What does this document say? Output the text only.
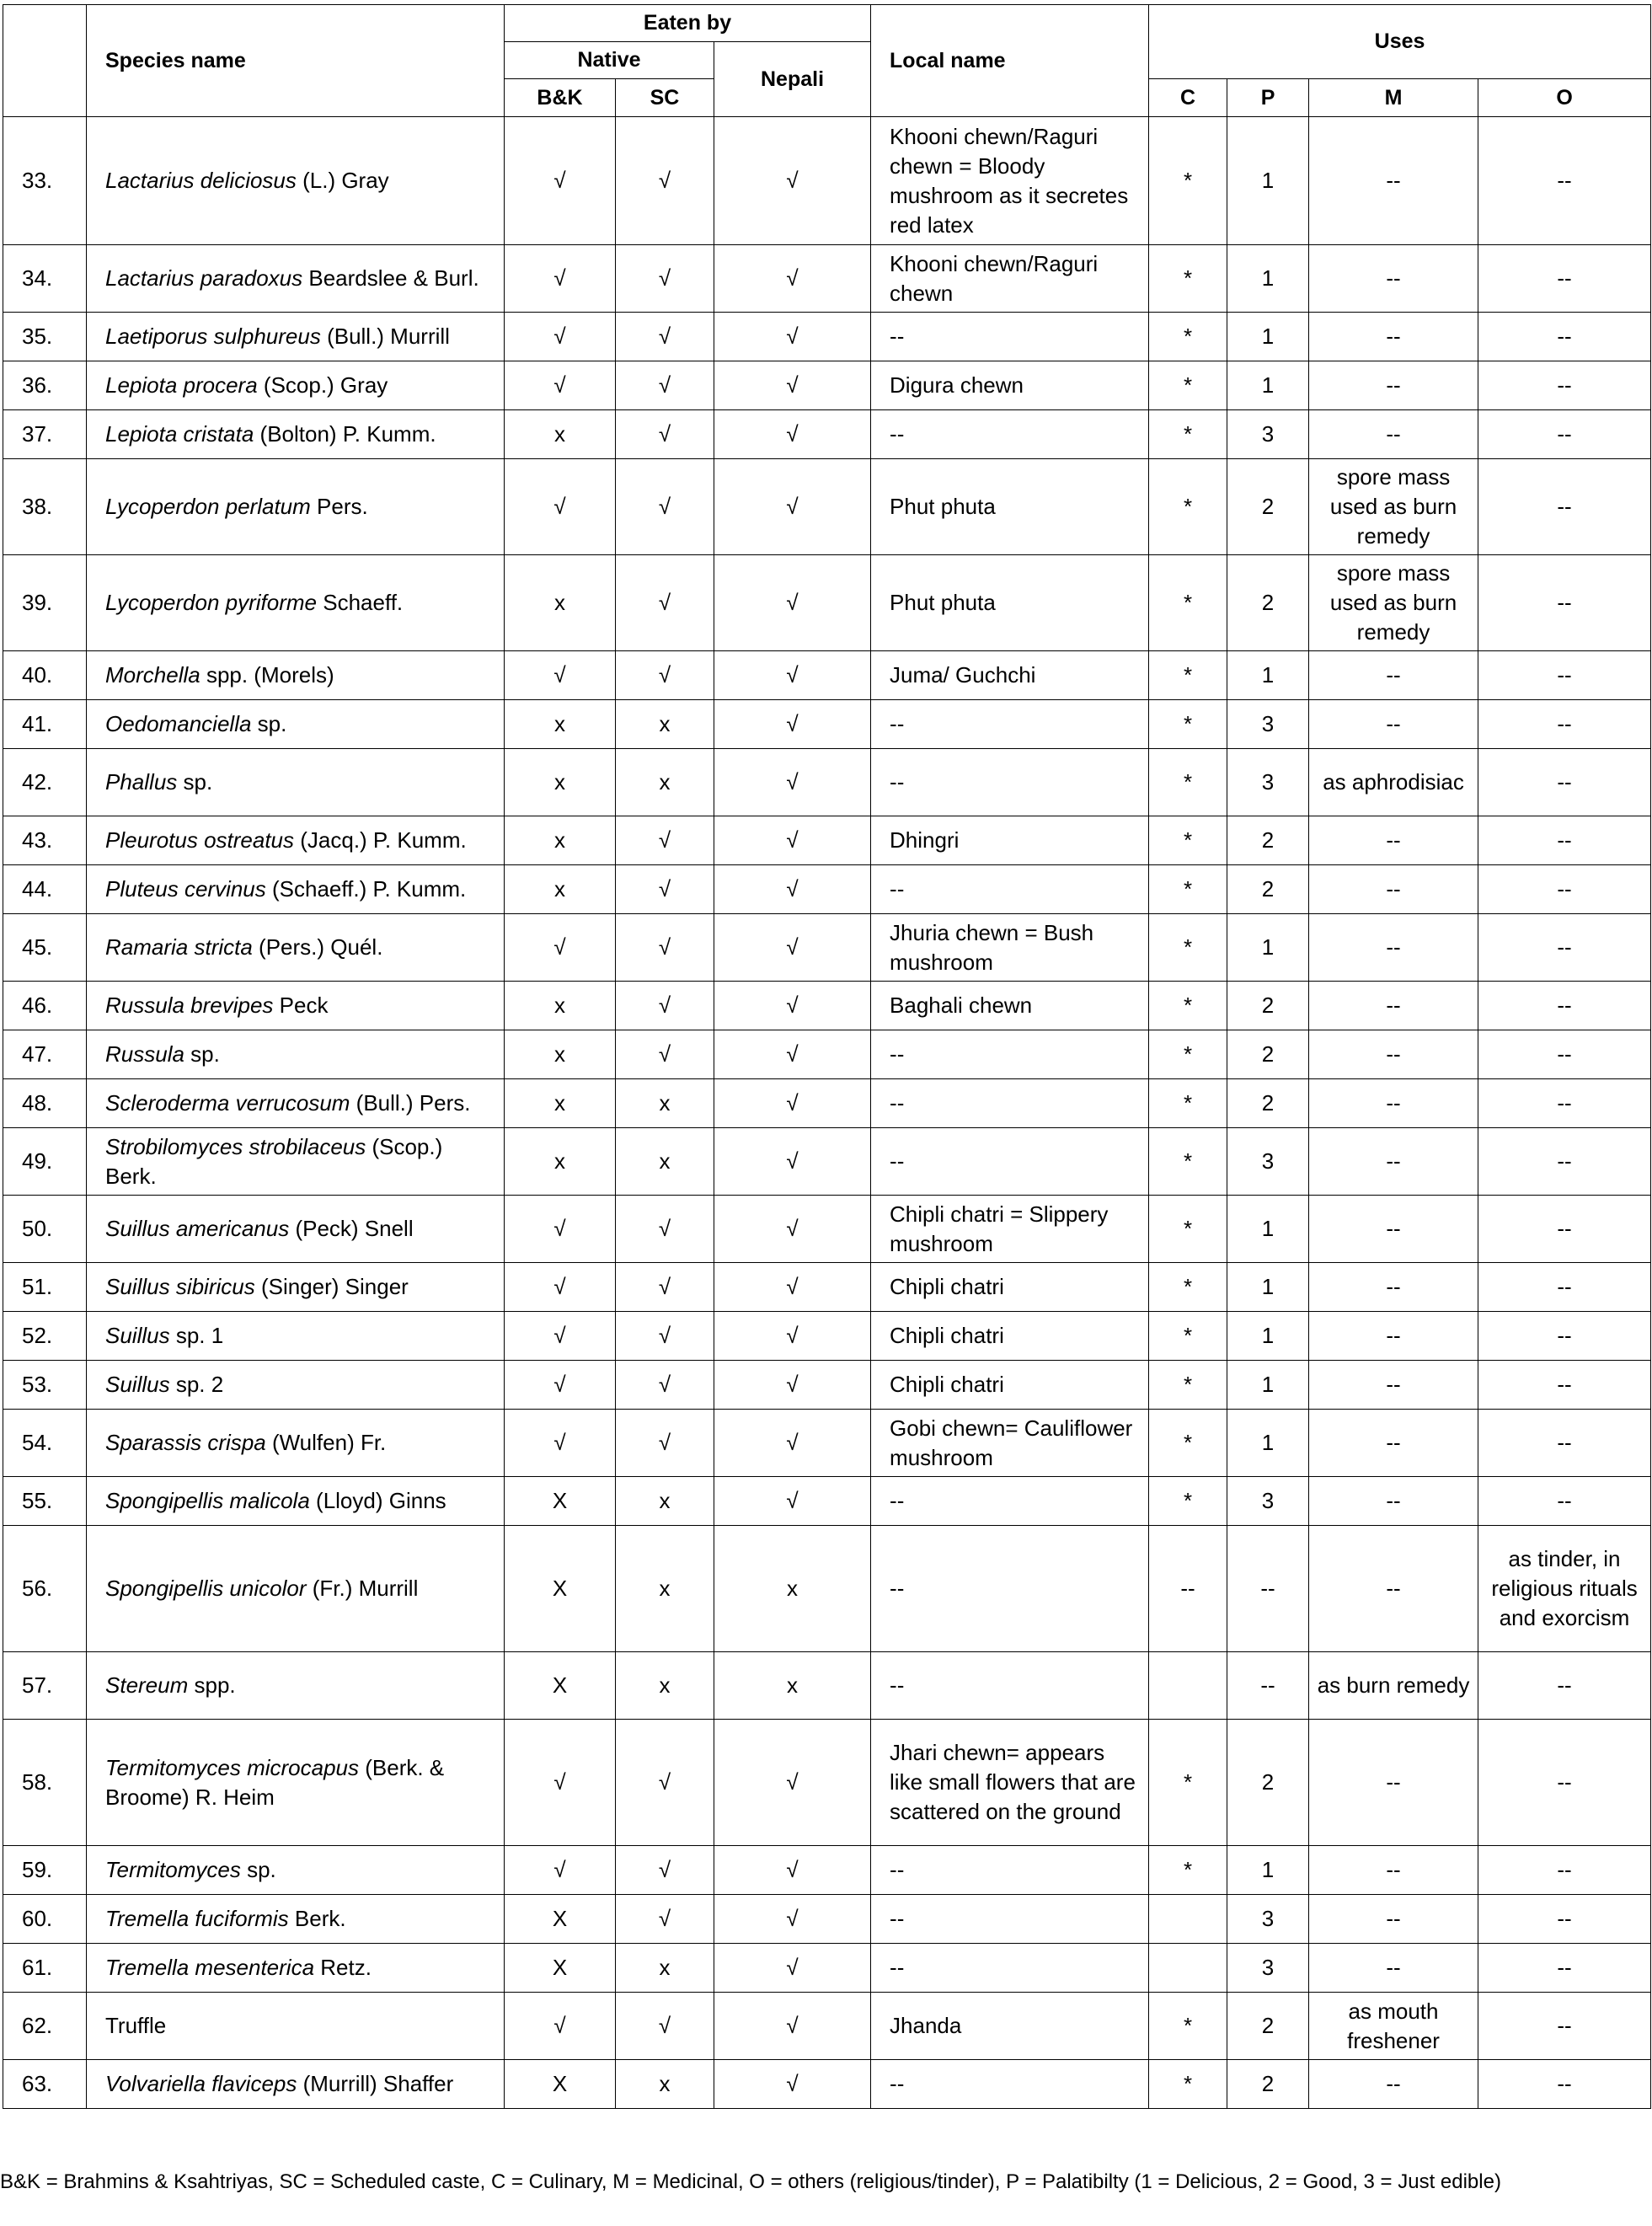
	Species name	Eaten by			Local name	Uses			
		Native		Nepali					
		B&K	SC			C	P	M	O
33.	Lactarius deliciosus (L.) Gray	√	√	√	Khooni chewn/Raguri chewn = Bloody mushroom as it secretes red latex	*	1	--	--
34.	Lactarius paradoxus Beardslee & Burl.	√	√	√	Khooni chewn/Raguri chewn	*	1	--	--
35.	Laetiporus sulphureus (Bull.) Murrill	√	√	√	--	*	1	--	--
36.	Lepiota procera (Scop.) Gray	√	√	√	Digura chewn	*	1	--	--
37.	Lepiota cristata (Bolton) P. Kumm.	x	√	√	--	*	3	--	--
38.	Lycoperdon perlatum Pers.	√	√	√	Phut phuta	*	2	spore mass used as burn remedy	--
39.	Lycoperdon pyriforme Schaeff.	x	√	√	Phut phuta	*	2	spore mass used as burn remedy	--
40.	Morchella spp. (Morels)	√	√	√	Juma/ Guchchi	*	1	--	--
41.	Oedomanciella sp.	x	x	√	--	*	3	--	--
42.	Phallus sp.	x	x	√	--	*	3	as aphrodisiac	--
43.	Pleurotus ostreatus (Jacq.) P. Kumm.	x	√	√	Dhingri	*	2	--	--
44.	Pluteus cervinus (Schaeff.) P. Kumm.	x	√	√	--	*	2	--	--
45.	Ramaria stricta (Pers.) Quél.	√	√	√	Jhuria chewn = Bush mushroom	*	1	--	--
46.	Russula brevipes Peck	x	√	√	Baghali chewn	*	2	--	--
47.	Russula sp.	x	√	√	--	*	2	--	--
48.	Scleroderma verrucosum (Bull.) Pers.	x	x	√	--	*	2	--	--
49.	Strobilomyces strobilaceus (Scop.) Berk.	x	x	√	--	*	3	--	--
50.	Suillus americanus (Peck) Snell	√	√	√	Chipli chatri = Slippery mushroom	*	1	--	--
51.	Suillus sibiricus (Singer) Singer	√	√	√	Chipli chatri	*	1	--	--
52.	Suillus sp. 1	√	√	√	Chipli chatri	*	1	--	--
53.	Suillus sp. 2	√	√	√	Chipli chatri	*	1	--	--
54.	Sparassis crispa (Wulfen) Fr.	√	√	√	Gobi chewn= Cauliflower mushroom	*	1	--	--
55.	Spongipellis malicola (Lloyd) Ginns	X	x	√	--	*	3	--	--
56.	Spongipellis unicolor (Fr.) Murrill	X	x	x	--	--	--	--	as tinder, in religious rituals and exorcism
57.	Stereum spp.	X	x	x	--		--	as burn remedy	--
58.	Termitomyces microcapus (Berk. & Broome) R. Heim	√	√	√	Jhari chewn= appears like small flowers that are scattered on the ground	*	2	--	--
59.	Termitomyces sp.	√	√	√	--	*	1	--	--
60.	Tremella fuciformis Berk.	X	√	√	--		3	--	--
61.	Tremella mesenterica Retz.	X	x	√	--		3	--	--
62.	Truffle	√	√	√	Jhanda	*	2	as mouth freshener	--
63.	Volvariella flaviceps (Murrill) Shaffer	X	x	√	--	*	2	--	--
B&K = Brahmins & Ksahtriyas, SC = Scheduled caste, C = Culinary, M = Medicinal, O = others (religious/tinder), P = Palatibilty (1 = Delicious, 2 = Good, 3 = Just edible)
